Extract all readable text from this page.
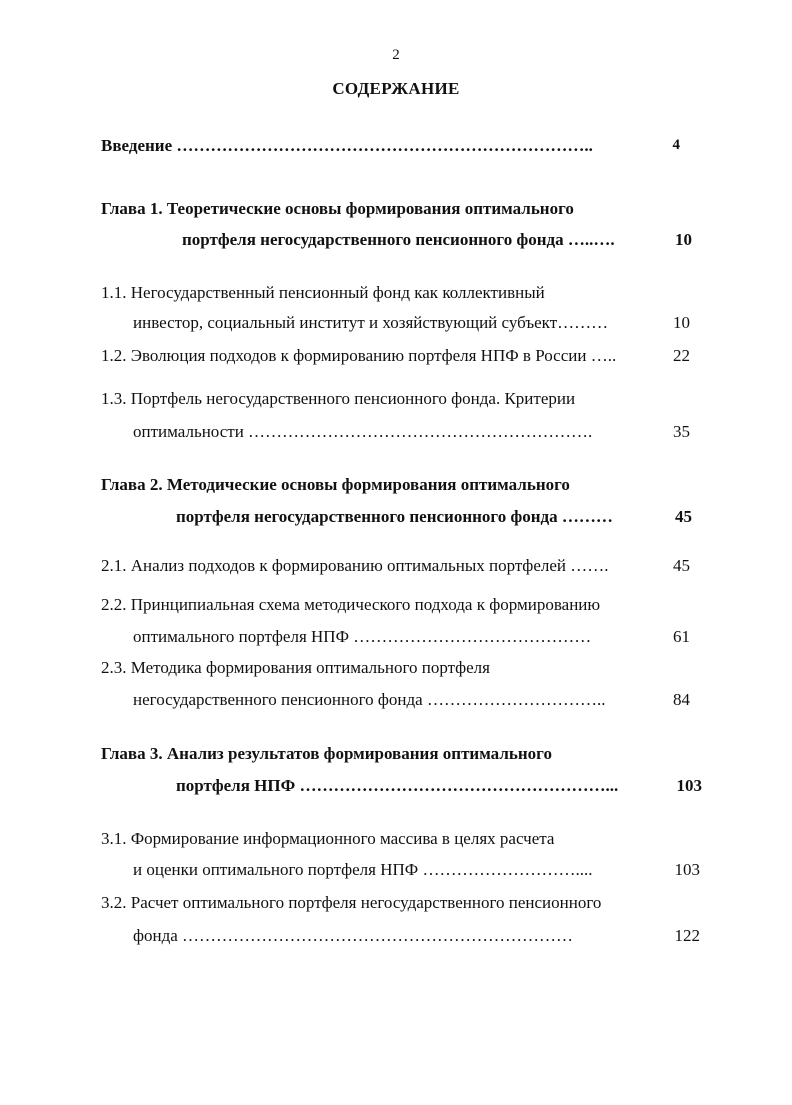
2
СОДЕРЖАНИЕ
Введение ………………………………………………………………..	4
Глава 1. Теоретические основы формирования оптимального
портфеля негосударственного пенсионного фонда …..….	10
1.1. Негосударственный пенсионный фонд как коллективный
инвестор, социальный институт и хозяйствующий субъект………	10
1.2. Эволюция подходов к формированию портфеля НПФ в России …..	22
1.3. Портфель негосударственного пенсионного фонда. Критерии
оптимальности …………………………………………………….	35
Глава 2. Методические основы формирования оптимального
портфеля негосударственного пенсионного фонда ………	45
2.1. Анализ подходов к формированию оптимальных портфелей …….	45
2.2. Принципиальная схема методического подхода к формированию
оптимального портфеля НПФ ……………………………………	61
2.3. Методика формирования оптимального портфеля
негосударственного пенсионного фонда …………………………..	84
Глава 3. Анализ результатов формирования оптимального
портфеля НПФ ………………………………………………...	103
3.1. Формирование информационного массива в целях расчета
и оценки оптимального портфеля НПФ ………………………....	103
3.2. Расчет оптимального портфеля негосударственного пенсионного
фонда ……………………………………………………………	122
